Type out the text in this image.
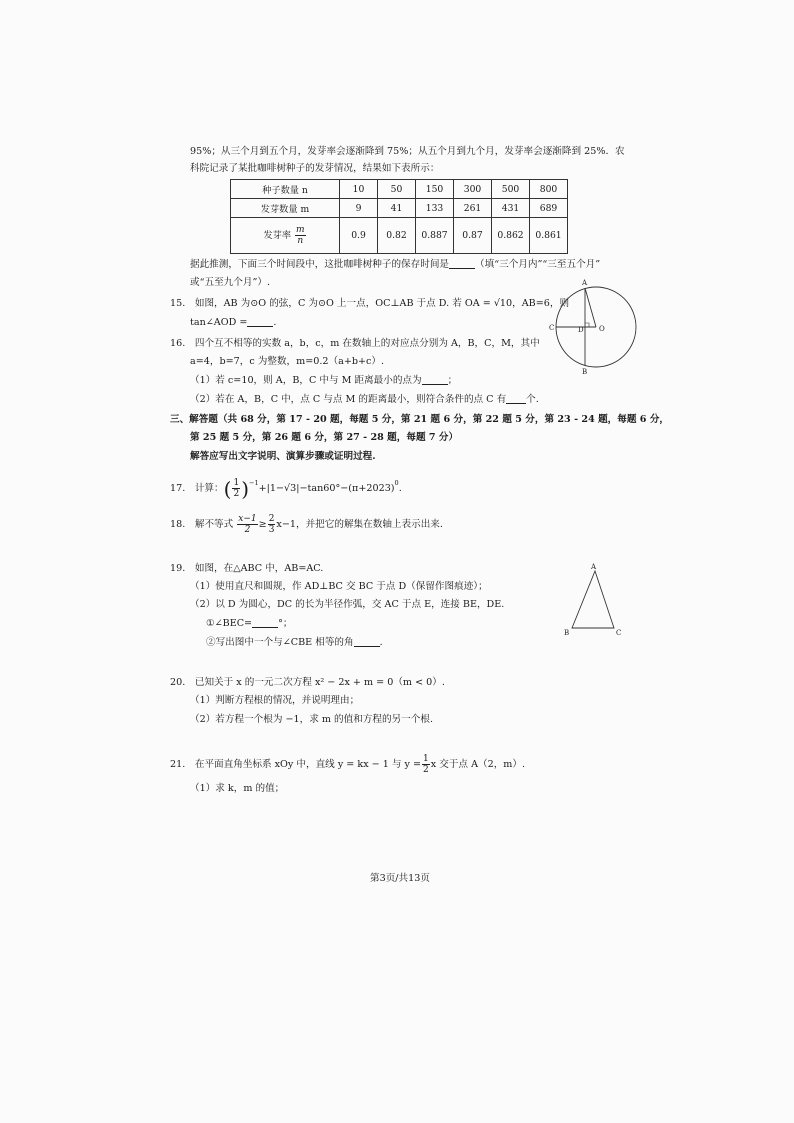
95%；从三个月到五个月，发芽率会逐渐降到 75%；从五个月到九个月，发芽率会逐渐降到 25%．农
科院记录了某批咖啡树种子的发芽情况，结果如下表所示：
种子数量 n	10	50	150	300	500	800
发芽数量 m	9	41	133	261	431	689
发芽率 $\frac{m}{n}$	0.9	0.82	0.887	0.87	0.862	0.861
据此推测，下面三个时间段中，这批咖啡树种子的保存时间是	（填“三个月内”“三至五个月”
或“五至九个月”）.
15.　如图，AB 为⊙O 的弦，C 为⊙O 上一点，OC⊥AB 于点 D. 若 OA = √10，AB=6，则
tan∠AOD =	.
A
B
C	D O
16.　四个互不相等的实数 a，b，c，m 在数轴上的对应点分别为 A，B，C，M，其中
a=4，b=7，c 为整数，m=0.2（a+b+c）.
（1）若 c=10，则 A，B，C 中与 M 距离最小的点为	；
（2）若在 A，B，C 中，点 C 与点 M 的距离最小，则符合条件的点 C 有 个.
三、解答题（共 68 分，第 17 - 20 题，每题 5 分，第 21 题 6 分，第 22 题 5 分，第 23 - 24 题，每题 6 分，
第 25 题 5 分，第 26 题 6 分，第 27 - 28 题，每题 7 分）
解答应写出文字说明、演算步骤或证明过程.
17.　计算：( $\frac{1}{2} )^{-1}+|1-√3|-\tan 60^\circ-(\pi+2023)^0$.
18.　解不等式 $\frac{x-1}{2} \ge \frac{2}{3} x-1$，并把它的解集在数轴上表示出来.
19.　如图，在△ABC 中，AB=AC.
（1）使用直尺和圆规，作 AD⊥BC 交 BC 于点 D（保留作图痕迹）；
（2）以 D 为圆心，DC 的长为半径作弧，交 AC 于点 E，连接 BE，DE.
①∠BEC=	°；
②写出图中一个与∠CBE 相等的角	.
A
B	C
20.　已知关于 x 的一元二次方程 x² − 2x + m = 0（m < 0）.
（1）判断方程根的情况，并说明理由；
（2）若方程一个根为 −1，求 m 的值和方程的另一个根.
21.　在平面直角坐标系 xOy 中，直线 y = kx − 1 与 $y = \frac{1}{2}$ x 交于点 A（2，m）.
（1）求 k，m 的值；
第3页/共13页
